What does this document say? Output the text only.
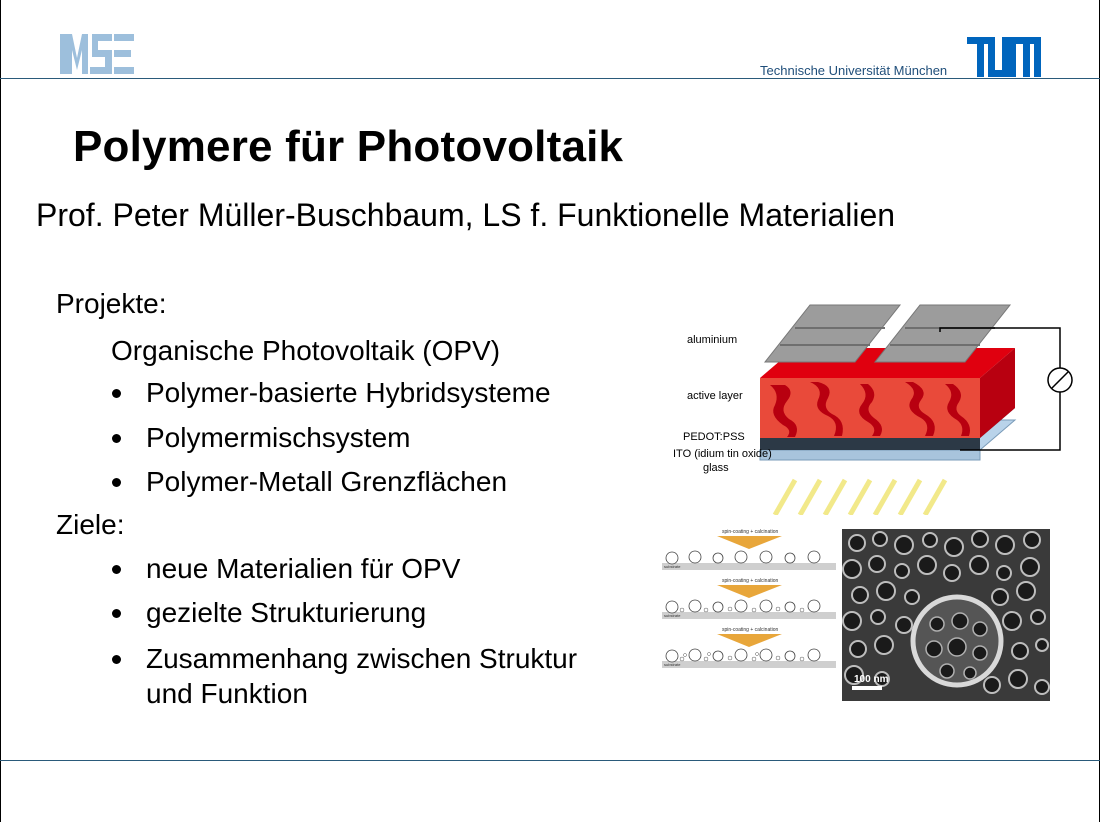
Technische Universität München
Polymere für Photovoltaik
Prof. Peter Müller-Buschbaum, LS f. Funktionelle Materialien
Projekte:
Organische Photovoltaik (OPV)
Polymer-basierte Hybridsysteme
Polymermischsystem
Polymer-Metall Grenzflächen
Ziele:
neue Materialien für OPV
gezielte Strukturierung
Zusammenhang zwischen Struktur
und Funktion
aluminium
active layer
PEDOT:PSS
ITO (idium tin oxide)
glass
spin-coating + calcination
spin-coating + calcination
spin-coating + calcination
substrate
substrate
substrate
100 nm
